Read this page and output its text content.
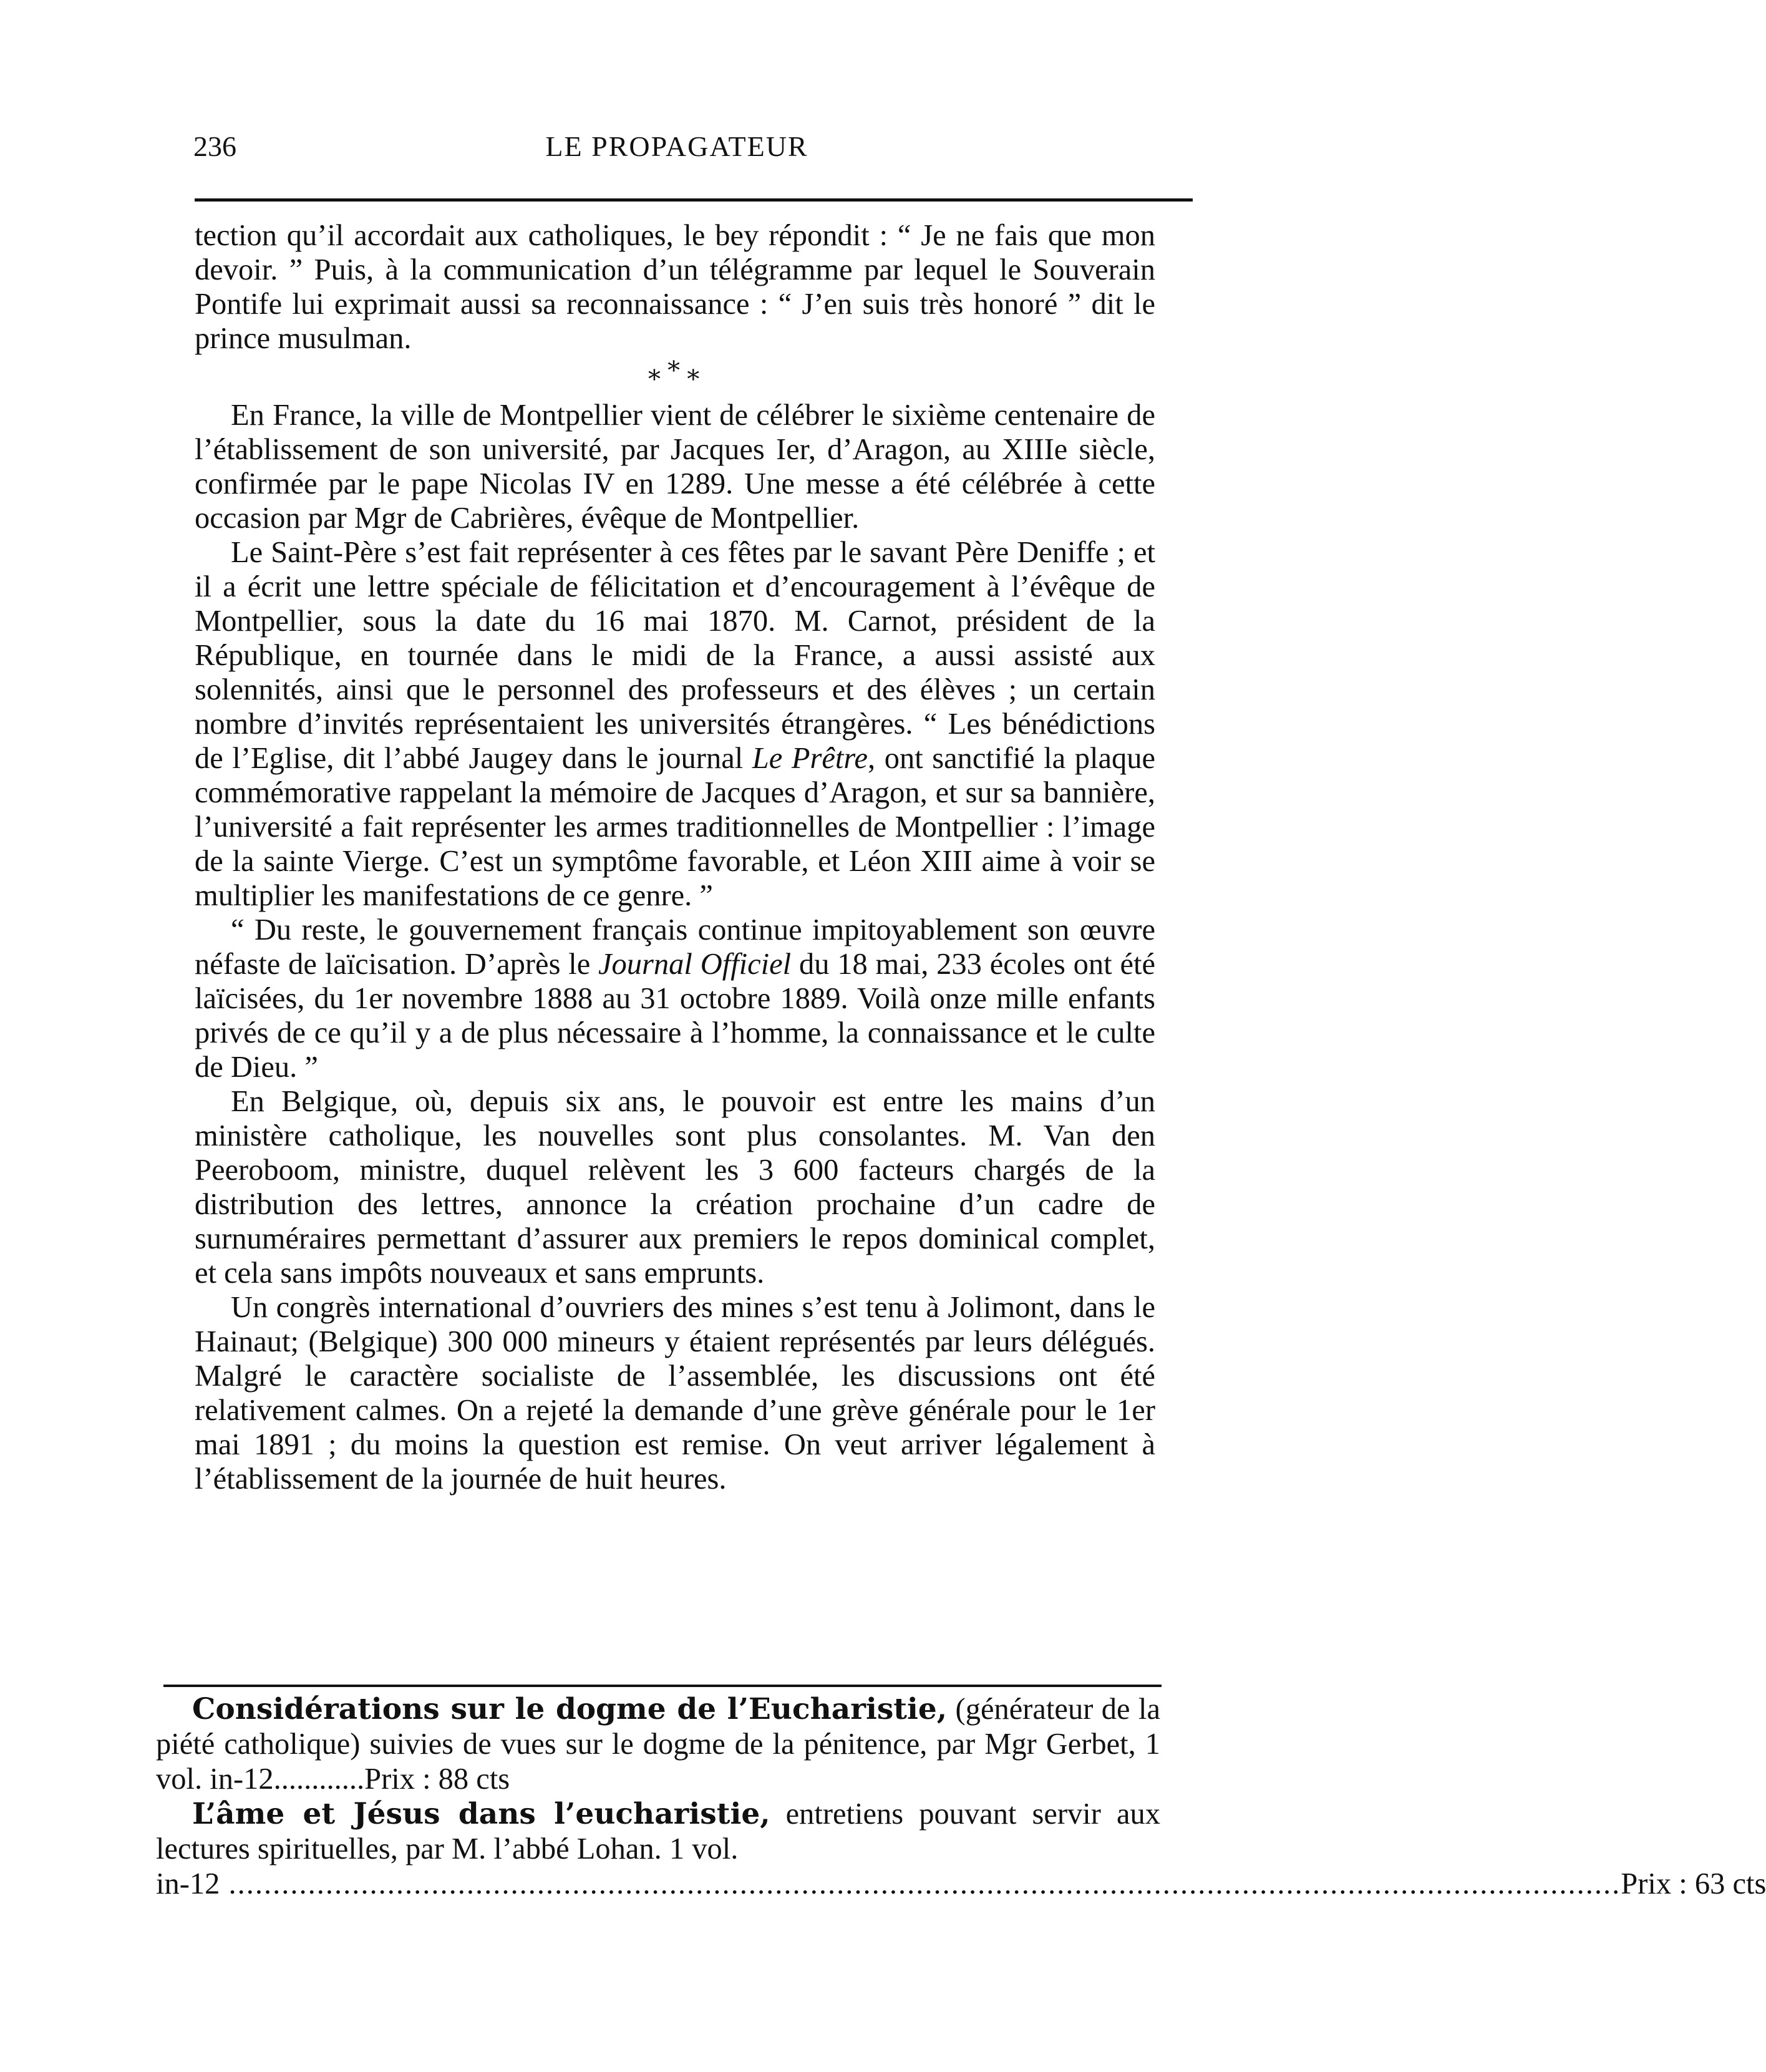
236	LE PROPAGATEUR

tection qu’il accordait aux catholiques, le bey répondit : “ Je ne fais que mon devoir. ” Puis, à la communication d’un télégramme par lequel le Souverain Pontife lui exprimait aussi sa reconnaissance : “ J’en suis très honoré ” dit le prince musulman.

∗∗∗

En France, la ville de Montpellier vient de célébrer le sixième centenaire de l’établissement de son université, par Jacques Ier, d’Aragon, au XIIIe siècle, confirmée par le pape Nicolas IV en 1289. Une messe a été célébrée à cette occasion par Mgr de Cabrières, évêque de Montpellier.

Le Saint-Père s’est fait représenter à ces fêtes par le savant Père Deniffe ; et il a écrit une lettre spéciale de félicitation et d’encouragement à l’évêque de Montpellier, sous la date du 16 mai 1870. M. Carnot, président de la République, en tournée dans le midi de la France, a aussi assisté aux solennités, ainsi que le personnel des professeurs et des élèves ; un certain nombre d’invités représentaient les universités étrangères. “ Les bénédictions de l’Eglise, dit l’abbé Jaugey dans le journal Le Prêtre, ont sanctifié la plaque commémorative rappelant la mémoire de Jacques d’Aragon, et sur sa bannière, l’université a fait représenter les armes traditionnelles de Montpellier : l’image de la sainte Vierge. C’est un symptôme favorable, et Léon XIII aime à voir se multiplier les manifestations de ce genre. ”

“ Du reste, le gouvernement français continue impitoyablement son œuvre néfaste de laïcisation. D’après le Journal Officiel du 18 mai, 233 écoles ont été laïcisées, du 1er novembre 1888 au 31 octobre 1889. Voilà onze mille enfants privés de ce qu’il y a de plus nécessaire à l’homme, la connaissance et le culte de Dieu. ”

En Belgique, où, depuis six ans, le pouvoir est entre les mains d’un ministère catholique, les nouvelles sont plus consolantes. M. Van den Peeroboom, ministre, duquel relèvent les 3 600 facteurs chargés de la distribution des lettres, annonce la création prochaine d’un cadre de surnuméraires permettant d’assurer aux premiers le repos dominical complet, et cela sans impôts nouveaux et sans emprunts.

Un congrès international d’ouvriers des mines s’est tenu à Jolimont, dans le Hainaut; (Belgique) 300 000 mineurs y étaient représentés par leurs délégués. Malgré le caractère socialiste de l’assemblée, les discussions ont été relativement calmes. On a rejeté la demande d’une grève générale pour le 1er mai 1891 ; du moins la question est remise. On veut arriver légalement à l’établissement de la journée de huit heures.

Considérations sur le dogme de l’Eucharistie, (générateur de la piété catholique) suivies de vues sur le dogme de la pénitence, par Mgr Gerbet, 1 vol. in-12............Prix : 88 cts

L’âme et Jésus dans l’eucharistie, entretiens pouvant servir aux lectures spirituelles, par M. l’abbé Lohan. 1 vol.

in-12 .............................................................................................................................................................. Prix : 63 cts
